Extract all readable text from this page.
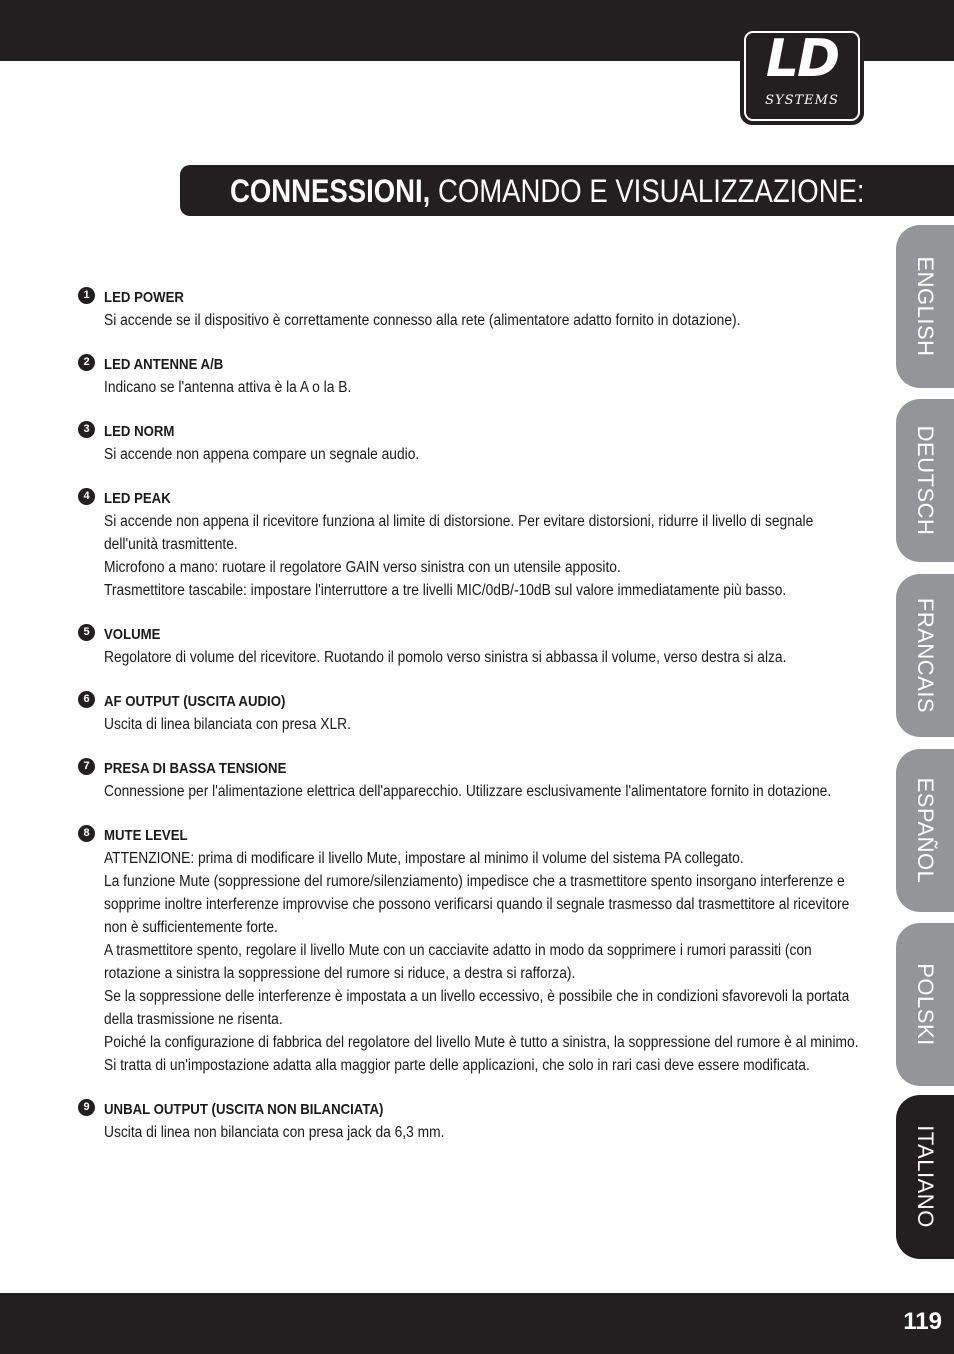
LD
SYSTEMS
CONNESSIONI, COMANDO E VISUALIZZAZIONE:
1 LED POWER
Si accende se il dispositivo è correttamente connesso alla rete (alimentatore adatto fornito in dotazione).
2 LED ANTENNE A/B
Indicano se l'antenna attiva è la A o la B.
3 LED NORM
Si accende non appena compare un segnale audio.
4 LED PEAK
Si accende non appena il ricevitore funziona al limite di distorsione. Per evitare distorsioni, ridurre il livello di segnale dell'unità trasmittente.
Microfono a mano: ruotare il regolatore GAIN verso sinistra con un utensile apposito.
Trasmettitore tascabile: impostare l'interruttore a tre livelli MIC/0dB/-10dB sul valore immediatamente più basso.
5 VOLUME
Regolatore di volume del ricevitore. Ruotando il pomolo verso sinistra si abbassa il volume, verso destra si alza.
6 AF OUTPUT (USCITA AUDIO)
Uscita di linea bilanciata con presa XLR.
7 PRESA DI BASSA TENSIONE
Connessione per l'alimentazione elettrica dell'apparecchio. Utilizzare esclusivamente l'alimentatore fornito in dotazione.
8 MUTE LEVEL
ATTENZIONE: prima di modificare il livello Mute, impostare al minimo il volume del sistema PA collegato.
La funzione Mute (soppressione del rumore/silenziamento) impedisce che a trasmettitore spento insorgano interferenze e sopprime inoltre interferenze improvvise che possono verificarsi quando il segnale trasmesso dal trasmettitore al ricevitore non è sufficientemente forte.
A trasmettitore spento, regolare il livello Mute con un cacciavite adatto in modo da sopprimere i rumori parassiti (con rotazione a sinistra la soppressione del rumore si riduce, a destra si rafforza).
Se la soppressione delle interferenze è impostata a un livello eccessivo, è possibile che in condizioni sfavorevoli la portata della trasmissione ne risenta.
Poiché la configurazione di fabbrica del regolatore del livello Mute è tutto a sinistra, la soppressione del rumore è al minimo. Si tratta di un'impostazione adatta alla maggior parte delle applicazioni, che solo in rari casi deve essere modificata.
9 UNBAL OUTPUT (USCITA NON BILANCIATA)
Uscita di linea non bilanciata con presa jack da 6,3 mm.
ENGLISH
DEUTSCH
FRANCAIS
ESPAÑOL
POLSKI
ITALIANO
119
